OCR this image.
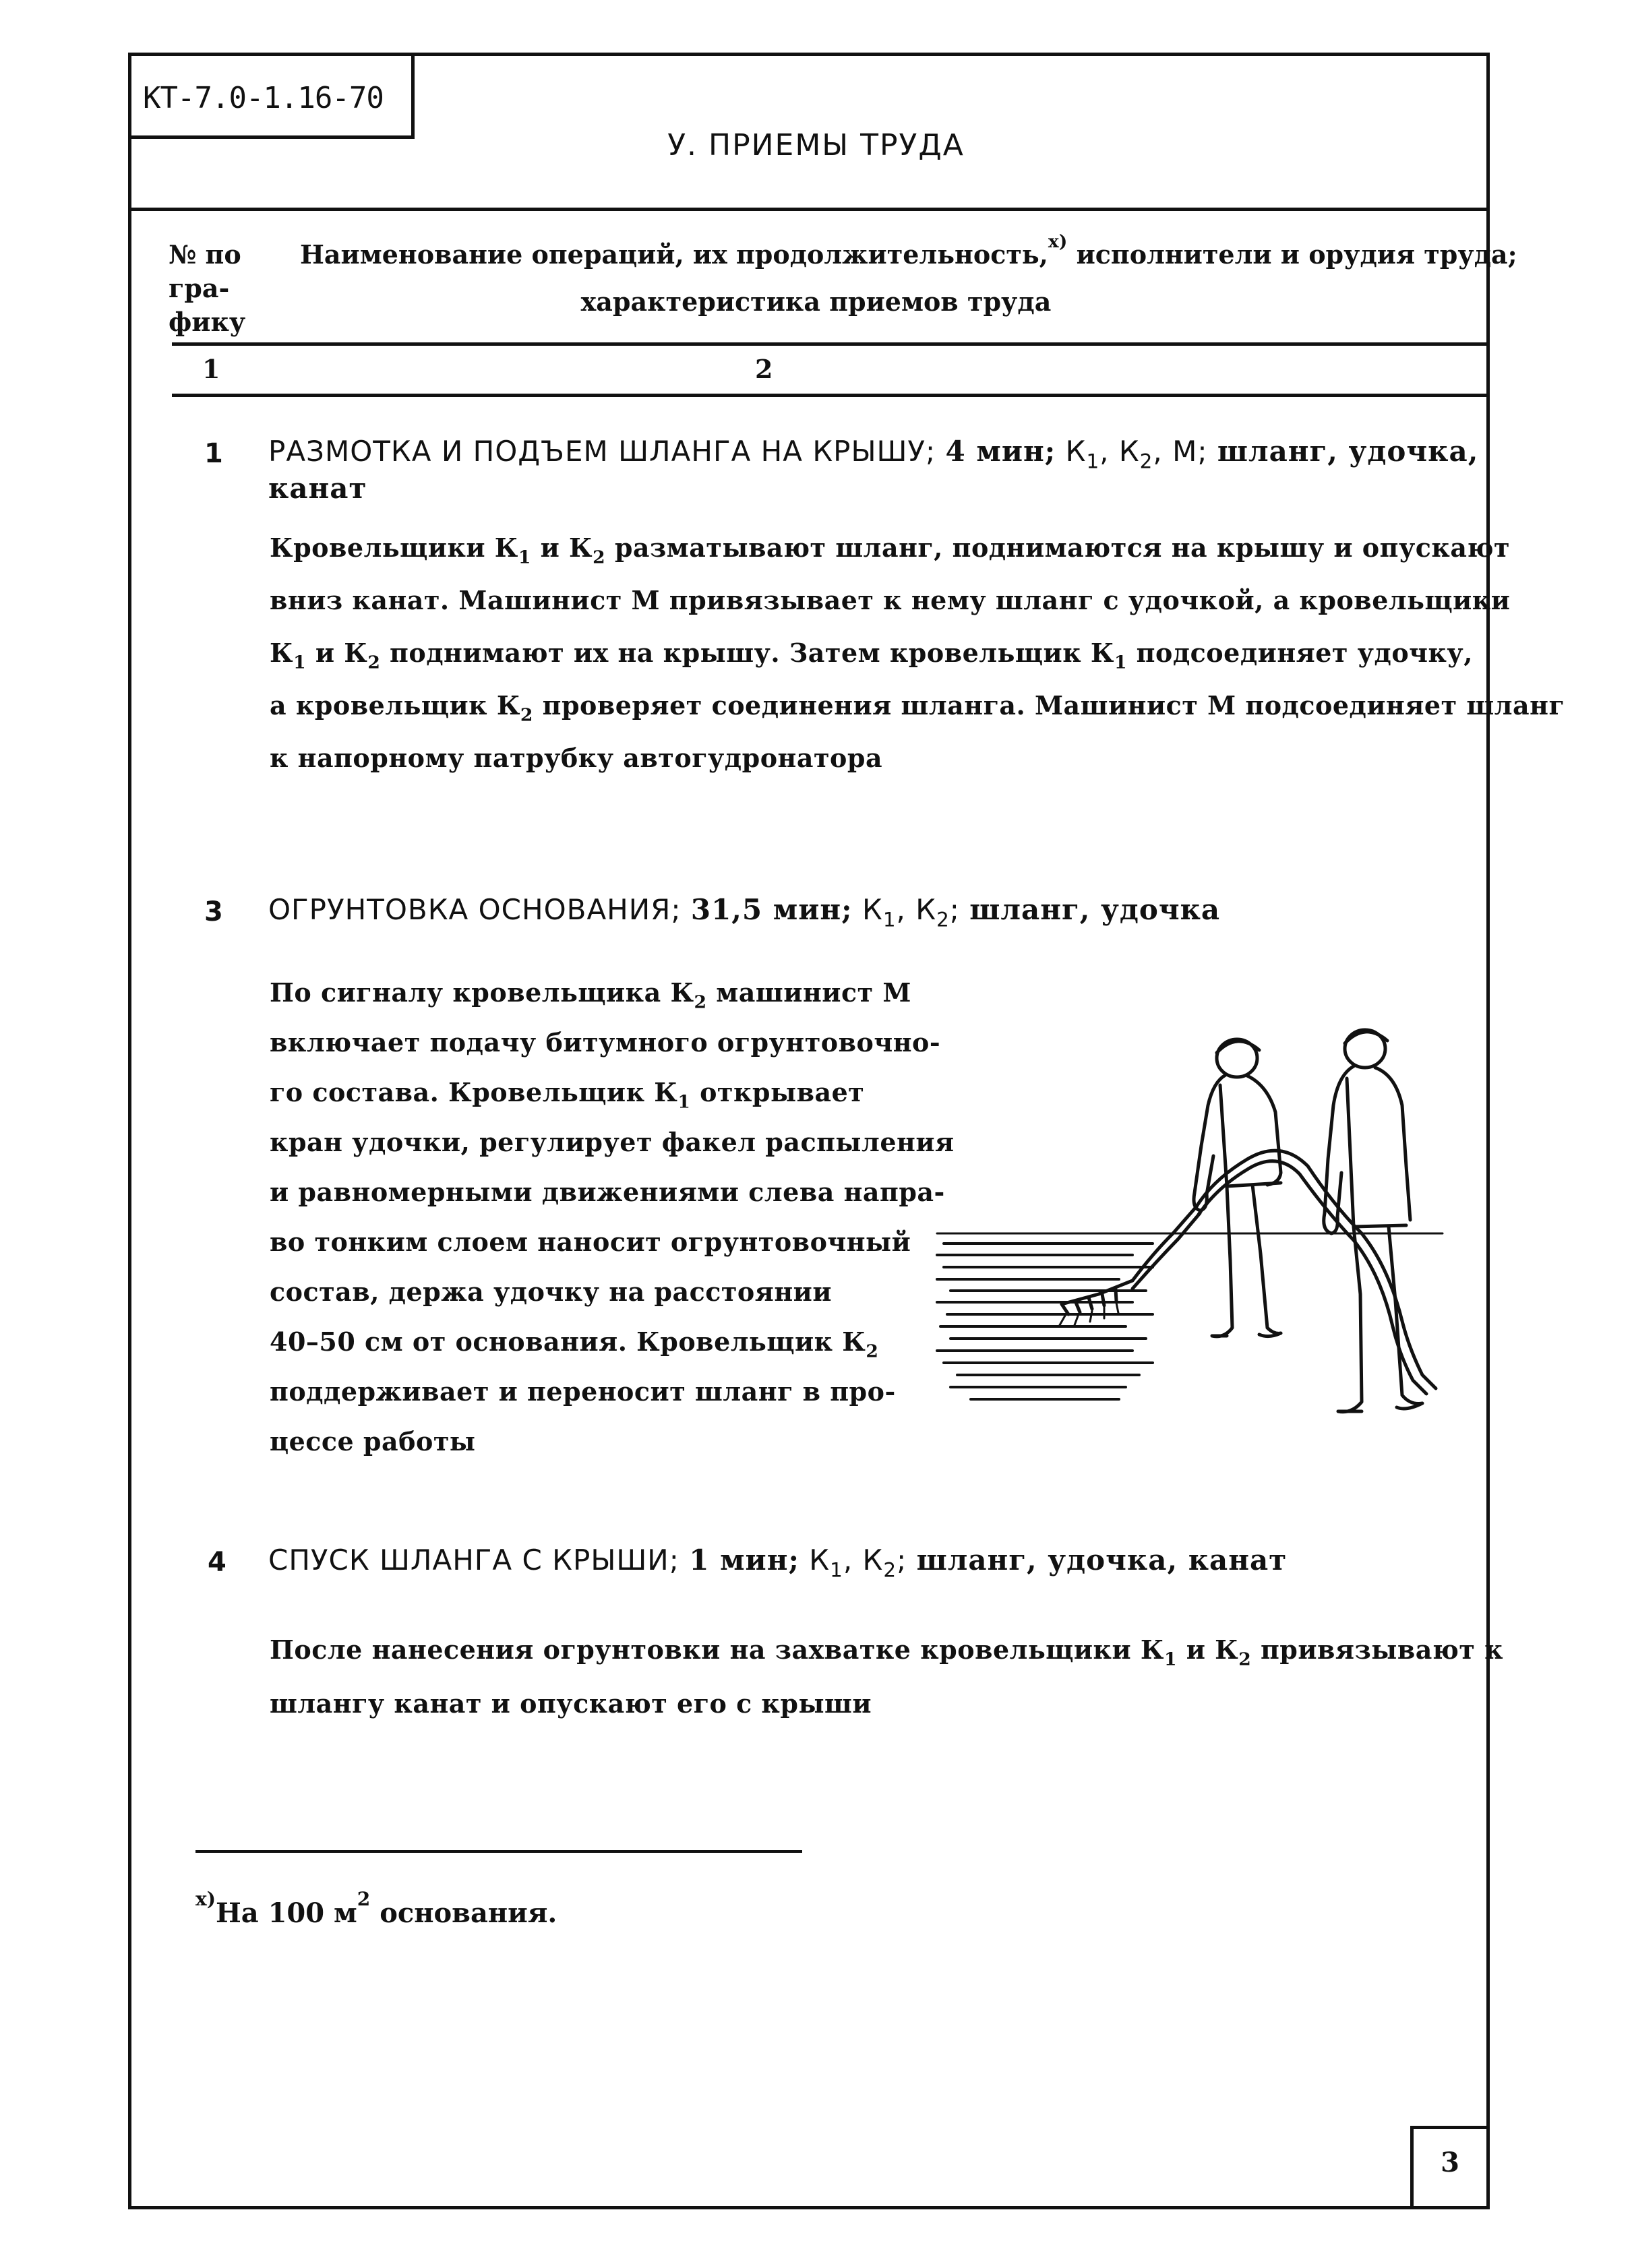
КТ-7.0-1.16-70
У. ПРИЕМЫ ТРУДА
№ по
гра-
фику
Наименование операций, их продолжительность,$^{x)}$ исполнители и орудия труда;
характеристика приемов труда
1	2
1 РАЗМОТКА И ПОДЪЕМ ШЛАНГА НА КРЫШУ; 4 мин; $К_1$, $К_2$, М; шланг, удочка,
канат
Кровельщики $К_1$ и $К_2$ разматывают шланг, поднимаются на крышу и опускают
вниз канат. Машинист М привязывает к нему шланг с удочкой, а кровельщики
$К_1$ и $К_2$ поднимают их на крышу. Затем кровельщик $К_1$ подсоединяет удочку,
а кровельщик $К_2$ проверяет соединения шланга. Машинист М подсоединяет шланг
к напорному патрубку автогудронатора
3 ОГРУНТОВКА ОСНОВАНИЯ; 31,5 мин; $К_1$, $К_2$; шланг, удочка
По сигналу кровельщика $К_2$ машинист М
включает подачу битумного огрунтовочно-
го состава. Кровельщик $К_1$ открывает
кран удочки, регулирует факел распыления
и равномерными движениями слева напра-
во тонким слоем наносит огрунтовочный
состав, держа удочку на расстоянии
40–50 см от основания. Кровельщик $К_2$
поддерживает и переносит шланг в про-
цессе работы
4 СПУСК ШЛАНГА С КРЫШИ; 1 мин; $К_1$, $К_2$; шланг, удочка, канат
После нанесения огрунтовки на захватке кровельщики $К_1$ и $К_2$ привязывают к
шлангу канат и опускают его с крыши
$^{x)}$На 100 $м^2$ основания.
3
